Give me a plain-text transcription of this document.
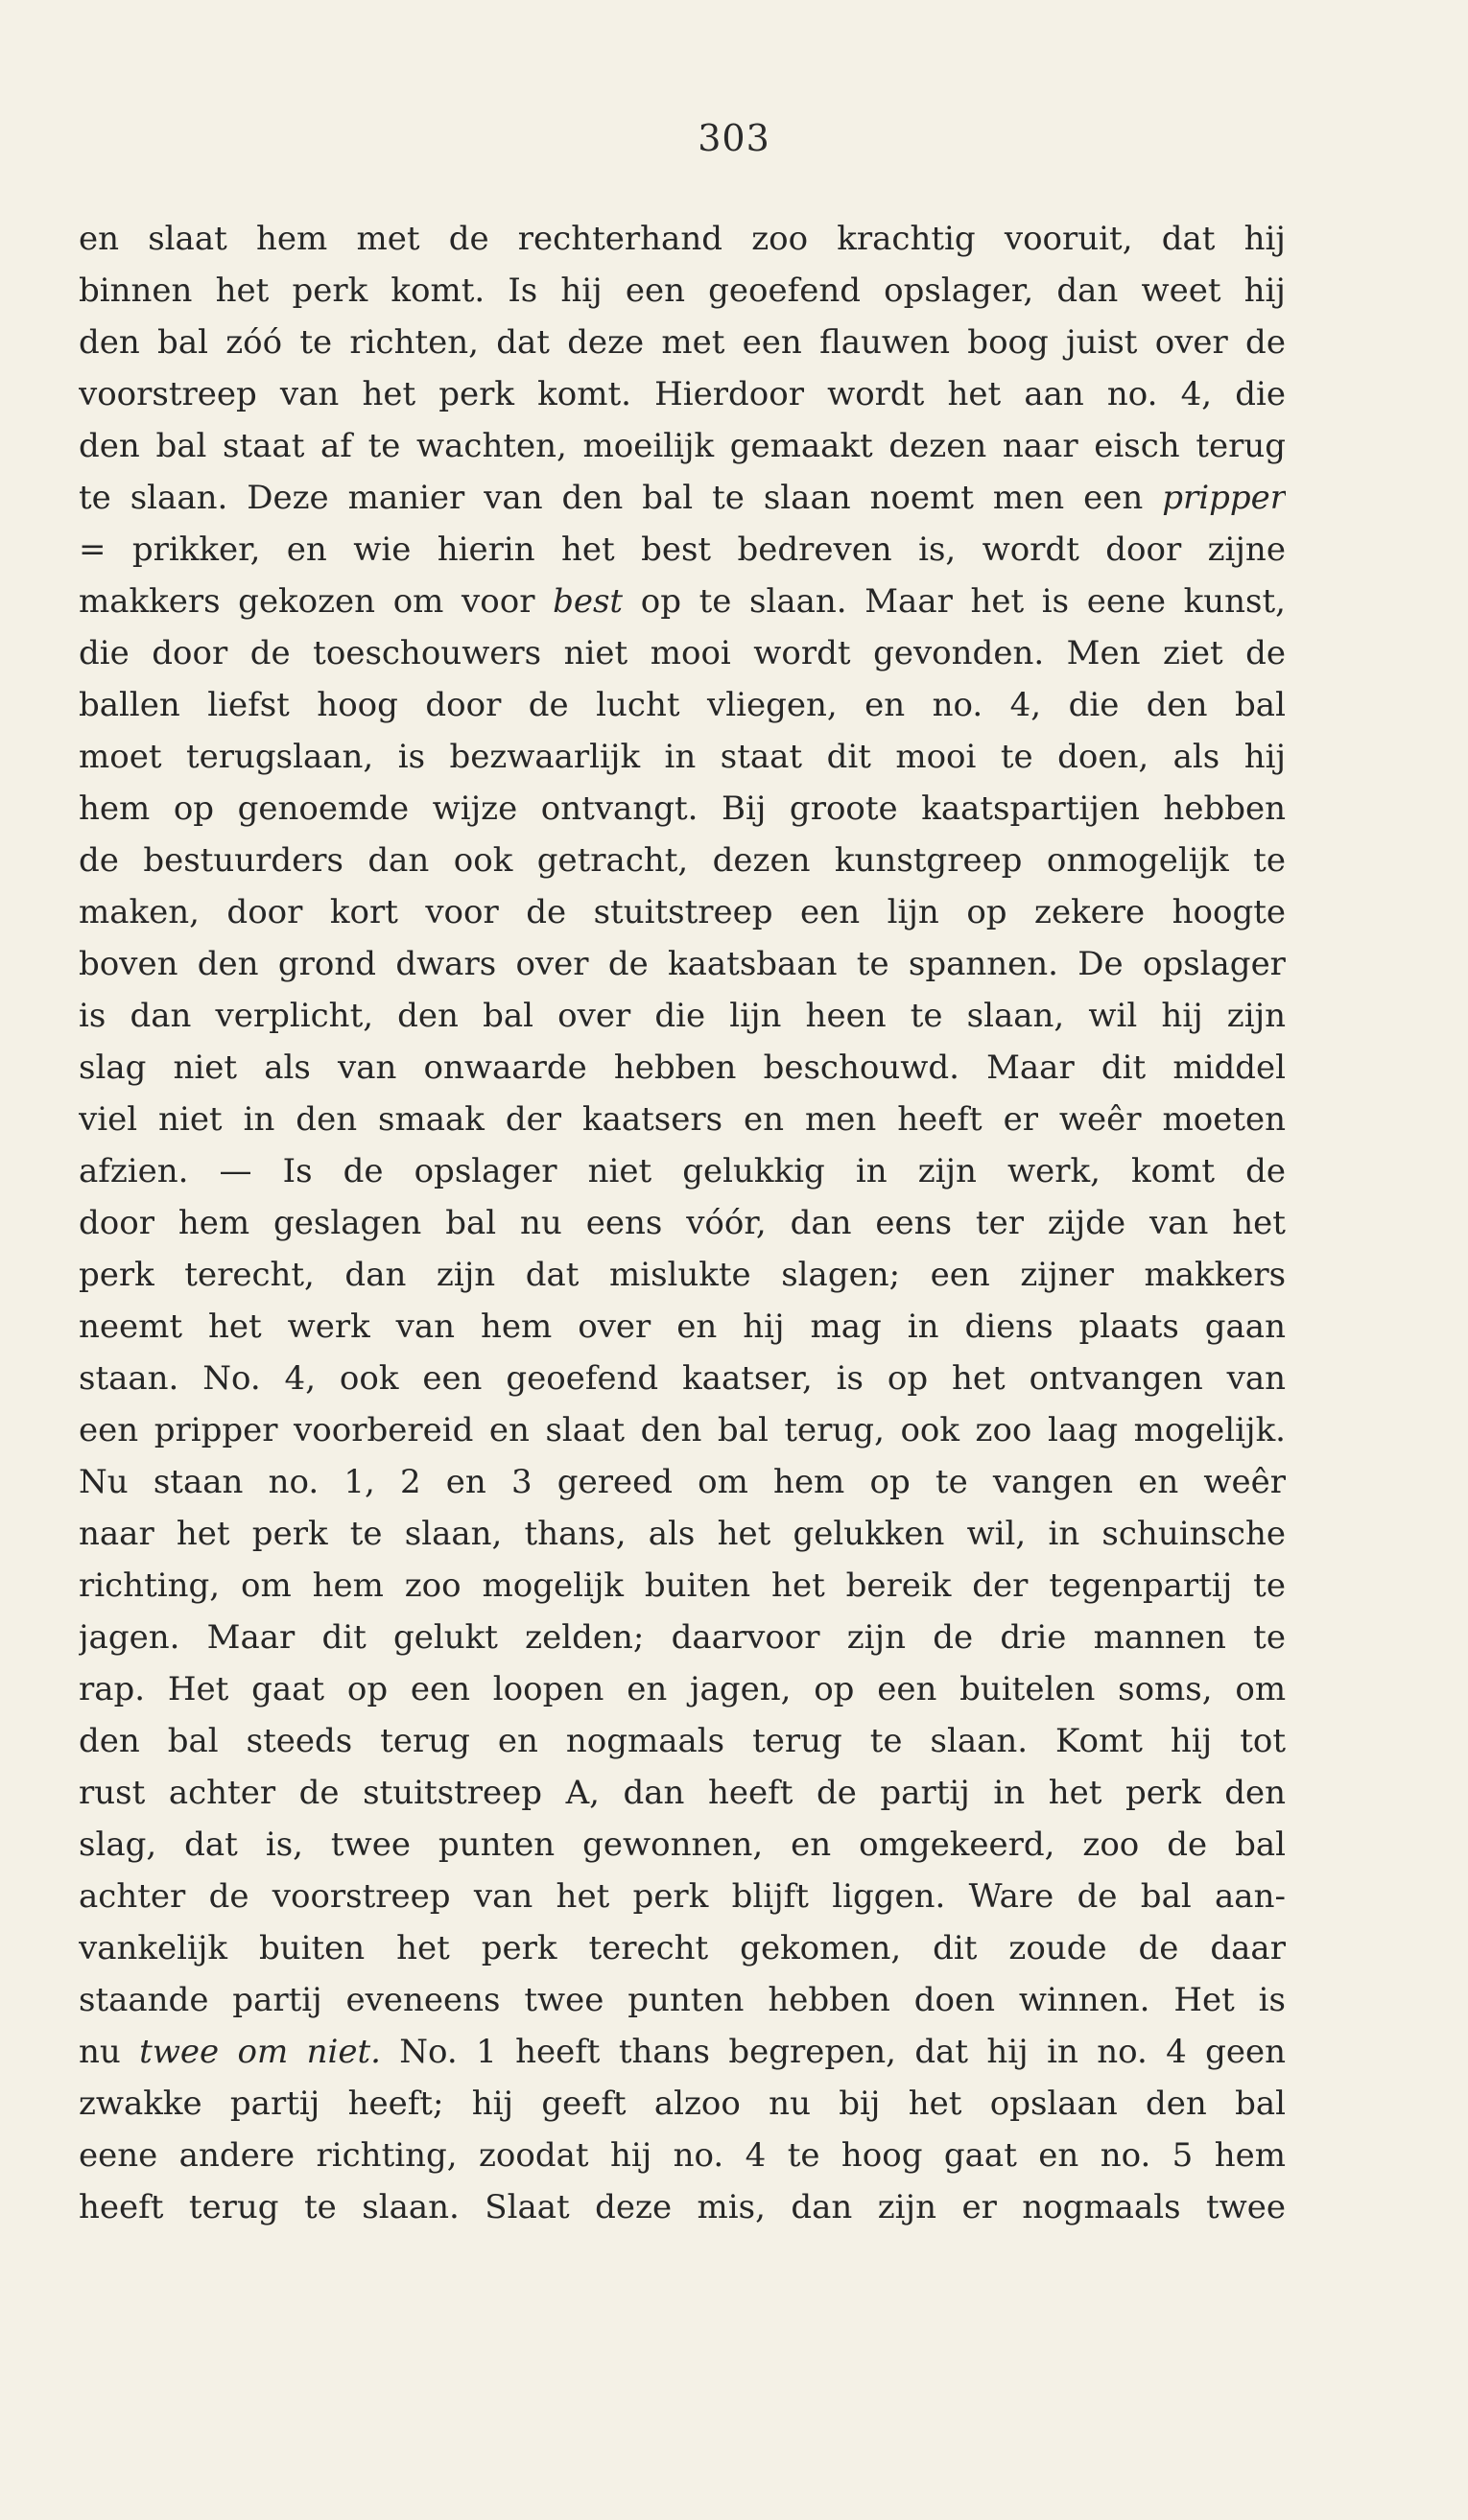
303
en slaat hem met de rechterhand zoo krachtig vooruit, dat hij
binnen het perk komt. Is hij een geoefend opslager, dan weet hij
den bal zóó te richten, dat deze met een flauwen boog juist over de
voorstreep van het perk komt. Hierdoor wordt het aan no. 4, die
den bal staat af te wachten, moeilijk gemaakt dezen naar eisch terug
te slaan. Deze manier van den bal te slaan noemt men een pripper
= prikker, en wie hierin het best bedreven is, wordt door zijne
makkers gekozen om voor best op te slaan. Maar het is eene kunst,
die door de toeschouwers niet mooi wordt gevonden. Men ziet de
ballen liefst hoog door de lucht vliegen, en no. 4, die den bal
moet terugslaan, is bezwaarlijk in staat dit mooi te doen, als hij
hem op genoemde wijze ontvangt. Bij groote kaatspartijen hebben
de bestuurders dan ook getracht, dezen kunstgreep onmogelijk te
maken, door kort voor de stuitstreep een lijn op zekere hoogte
boven den grond dwars over de kaatsbaan te spannen. De opslager
is dan verplicht, den bal over die lijn heen te slaan, wil hij zijn
slag niet als van onwaarde hebben beschouwd. Maar dit middel
viel niet in den smaak der kaatsers en men heeft er weêr moeten
afzien. — Is de opslager niet gelukkig in zijn werk, komt de
door hem geslagen bal nu eens vóór, dan eens ter zijde van het
perk terecht, dan zijn dat mislukte slagen; een zijner makkers
neemt het werk van hem over en hij mag in diens plaats gaan
staan. No. 4, ook een geoefend kaatser, is op het ontvangen van
een pripper voorbereid en slaat den bal terug, ook zoo laag mogelijk.
Nu staan no. 1, 2 en 3 gereed om hem op te vangen en weêr
naar het perk te slaan, thans, als het gelukken wil, in schuinsche
richting, om hem zoo mogelijk buiten het bereik der tegenpartij te
jagen. Maar dit gelukt zelden; daarvoor zijn de drie mannen te
rap. Het gaat op een loopen en jagen, op een buitelen soms, om
den bal steeds terug en nogmaals terug te slaan. Komt hij tot
rust achter de stuitstreep A, dan heeft de partij in het perk den
slag, dat is, twee punten gewonnen, en omgekeerd, zoo de bal
achter de voorstreep van het perk blijft liggen. Ware de bal aan-
vankelijk buiten het perk terecht gekomen, dit zoude de daar
staande partij eveneens twee punten hebben doen winnen. Het is
nu twee om niet. No. 1 heeft thans begrepen, dat hij in no. 4 geen
zwakke partij heeft; hij geeft alzoo nu bij het opslaan den bal
eene andere richting, zoodat hij no. 4 te hoog gaat en no. 5 hem
heeft terug te slaan. Slaat deze mis, dan zijn er nogmaals twee
